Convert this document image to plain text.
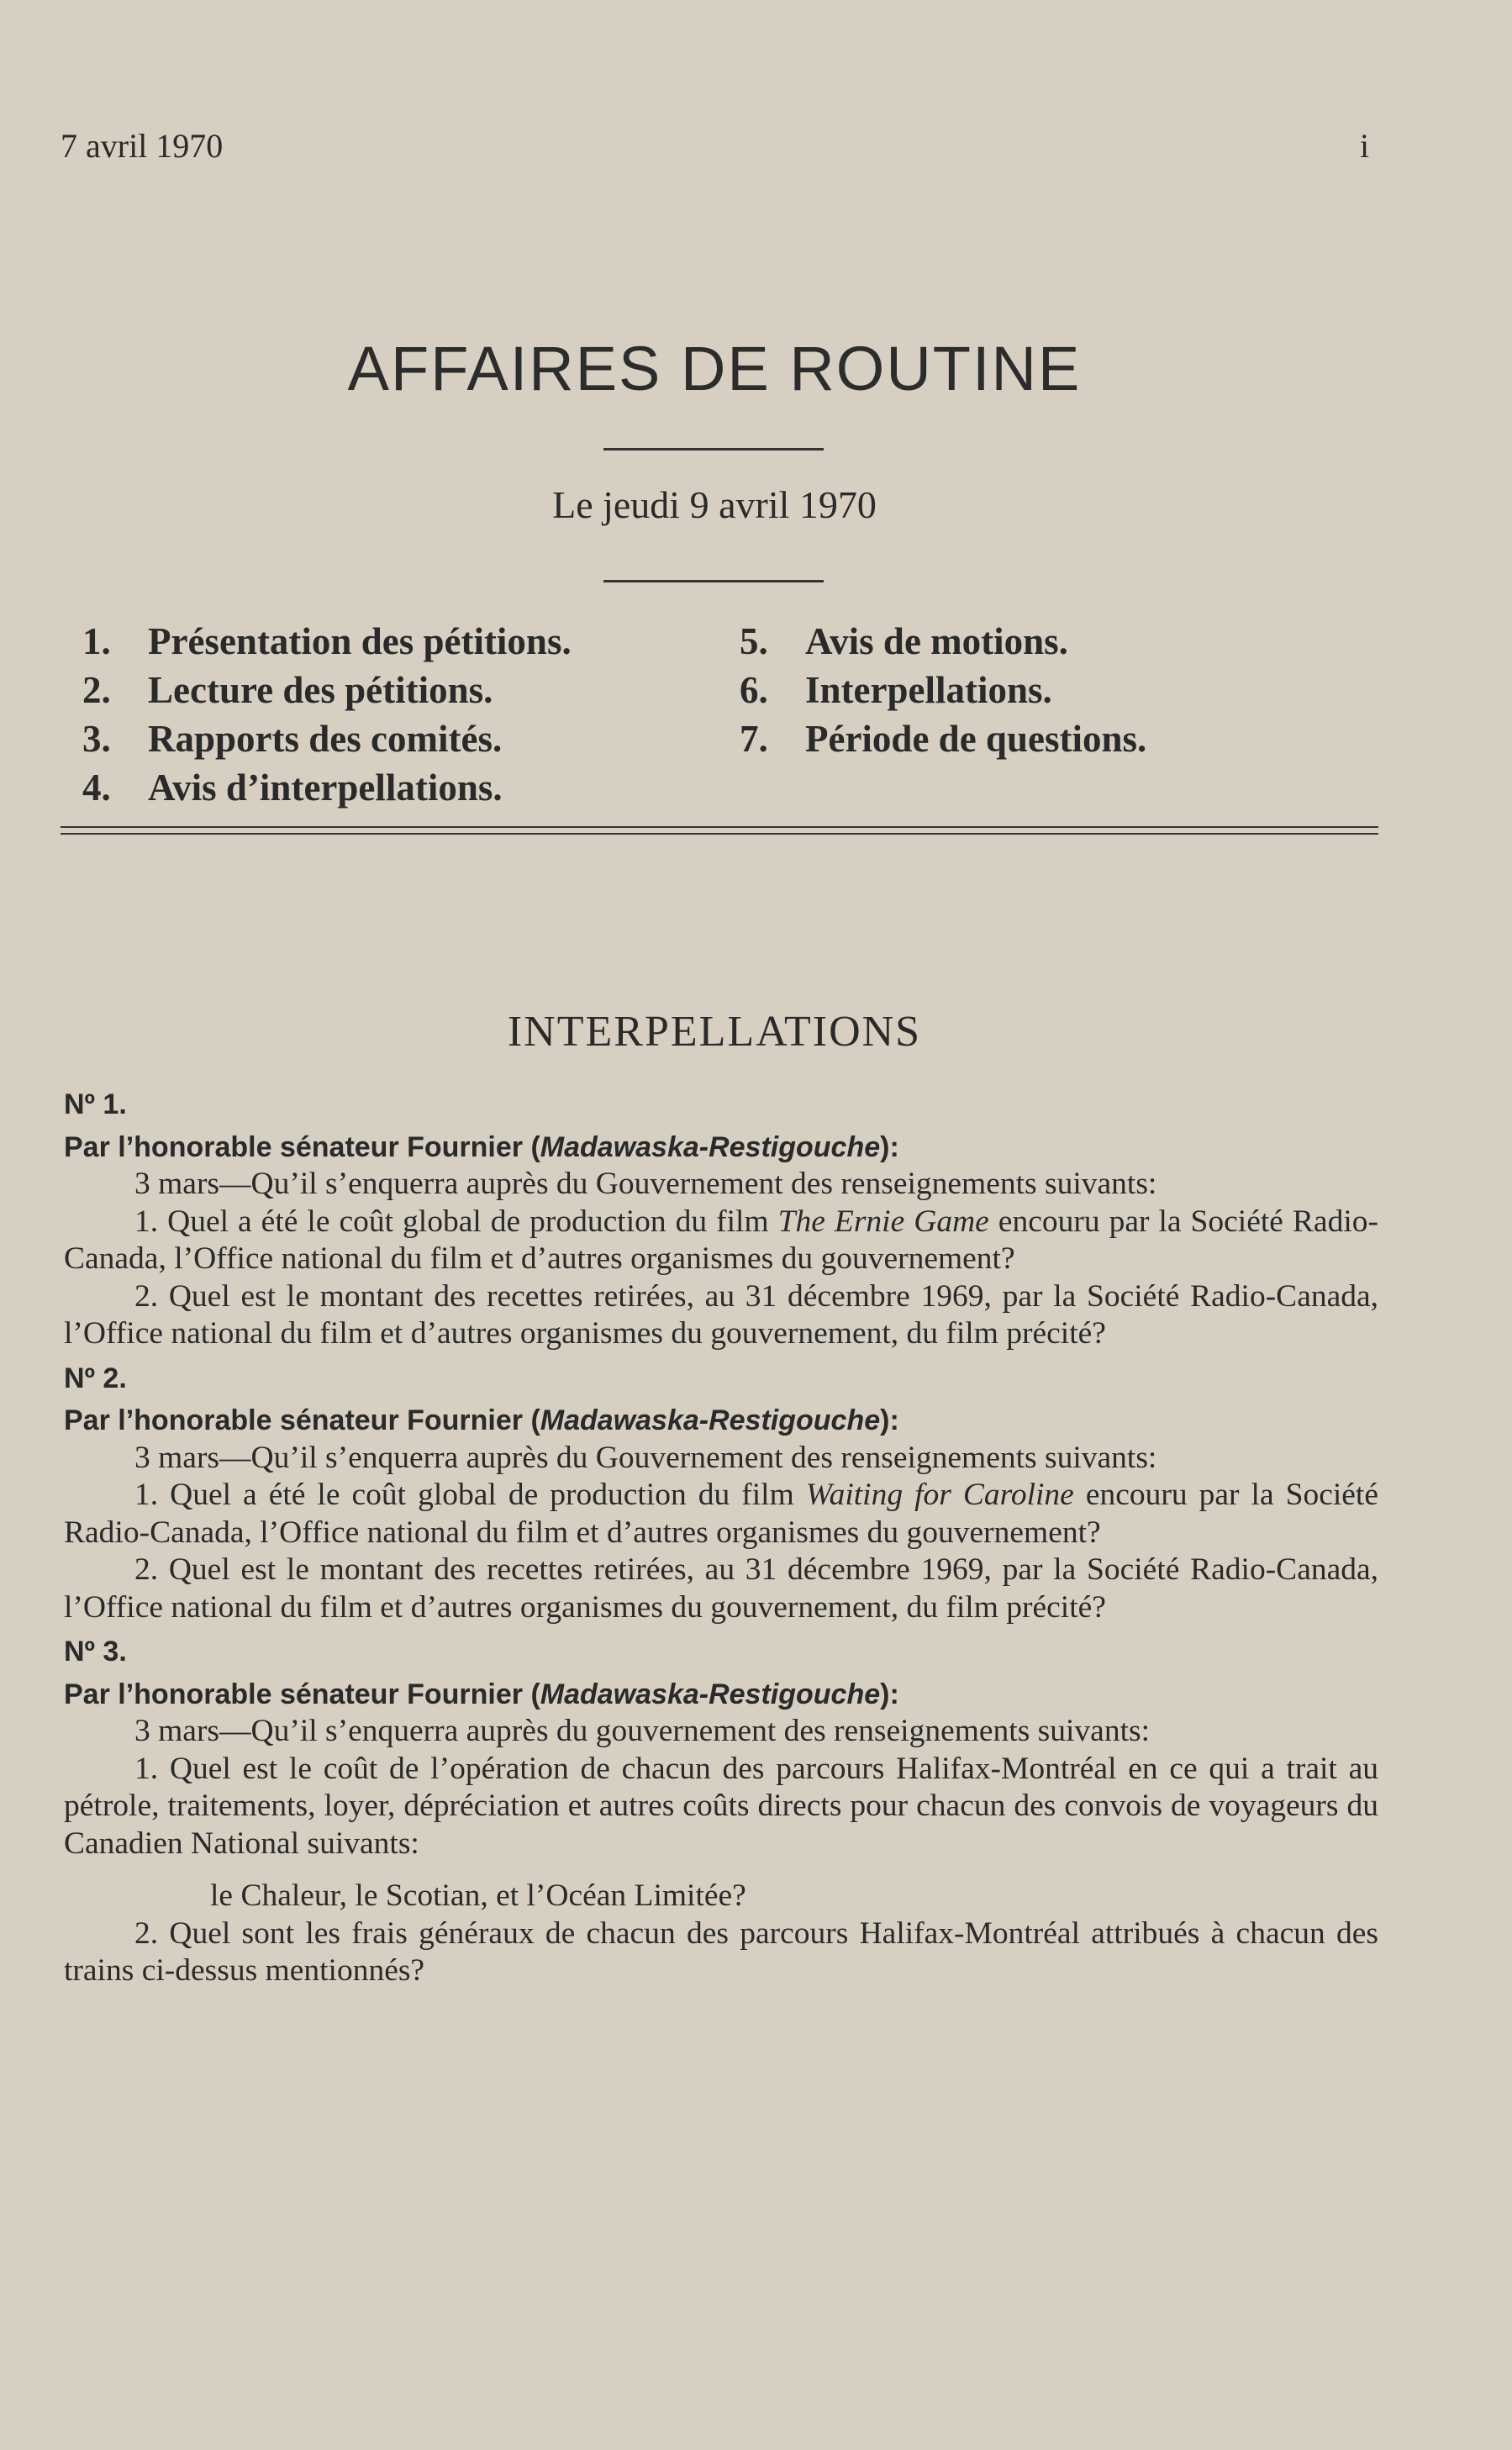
7 avril 1970	i
AFFAIRES DE ROUTINE
Le jeudi 9 avril 1970
1. Présentation des pétitions.
2. Lecture des pétitions.
3. Rapports des comités.
4. Avis d’interpellations.
5. Avis de motions.
6. Interpellations.
7. Période de questions.
INTERPELLATIONS
Nº 1.
Par l’honorable sénateur Fournier (Madawaska-Restigouche):

3 mars—Qu’il s’enquerra auprès du Gouvernement des renseignements suivants:

1. Quel a été le coût global de production du film The Ernie Game encouru par la Société Radio-Canada, l’Office national du film et d’autres organismes du gouvernement?

2. Quel est le montant des recettes retirées, au 31 décembre 1969, par la Société Radio-Canada, l’Office national du film et d’autres organismes du gouvernement, du film précité?

Nº 2.
Par l’honorable sénateur Fournier (Madawaska-Restigouche):

3 mars—Qu’il s’enquerra auprès du Gouvernement des renseignements suivants:

1. Quel a été le coût global de production du film Waiting for Caroline encouru par la Société Radio-Canada, l’Office national du film et d’autres organismes du gouvernement?

2. Quel est le montant des recettes retirées, au 31 décembre 1969, par la Société Radio-Canada, l’Office national du film et d’autres organismes du gouvernement, du film précité?

Nº 3.
Par l’honorable sénateur Fournier (Madawaska-Restigouche):

3 mars—Qu’il s’enquerra auprès du gouvernement des renseignements suivants:

1. Quel est le coût de l’opération de chacun des parcours Halifax-Montréal en ce qui a trait au pétrole, traitements, loyer, dépréciation et autres coûts directs pour chacun des convois de voyageurs du Canadien National suivants:

le Chaleur, le Scotian, et l’Océan Limitée?

2. Quel sont les frais généraux de chacun des parcours Halifax-Montréal attribués à chacun des trains ci-dessus mentionnés?
